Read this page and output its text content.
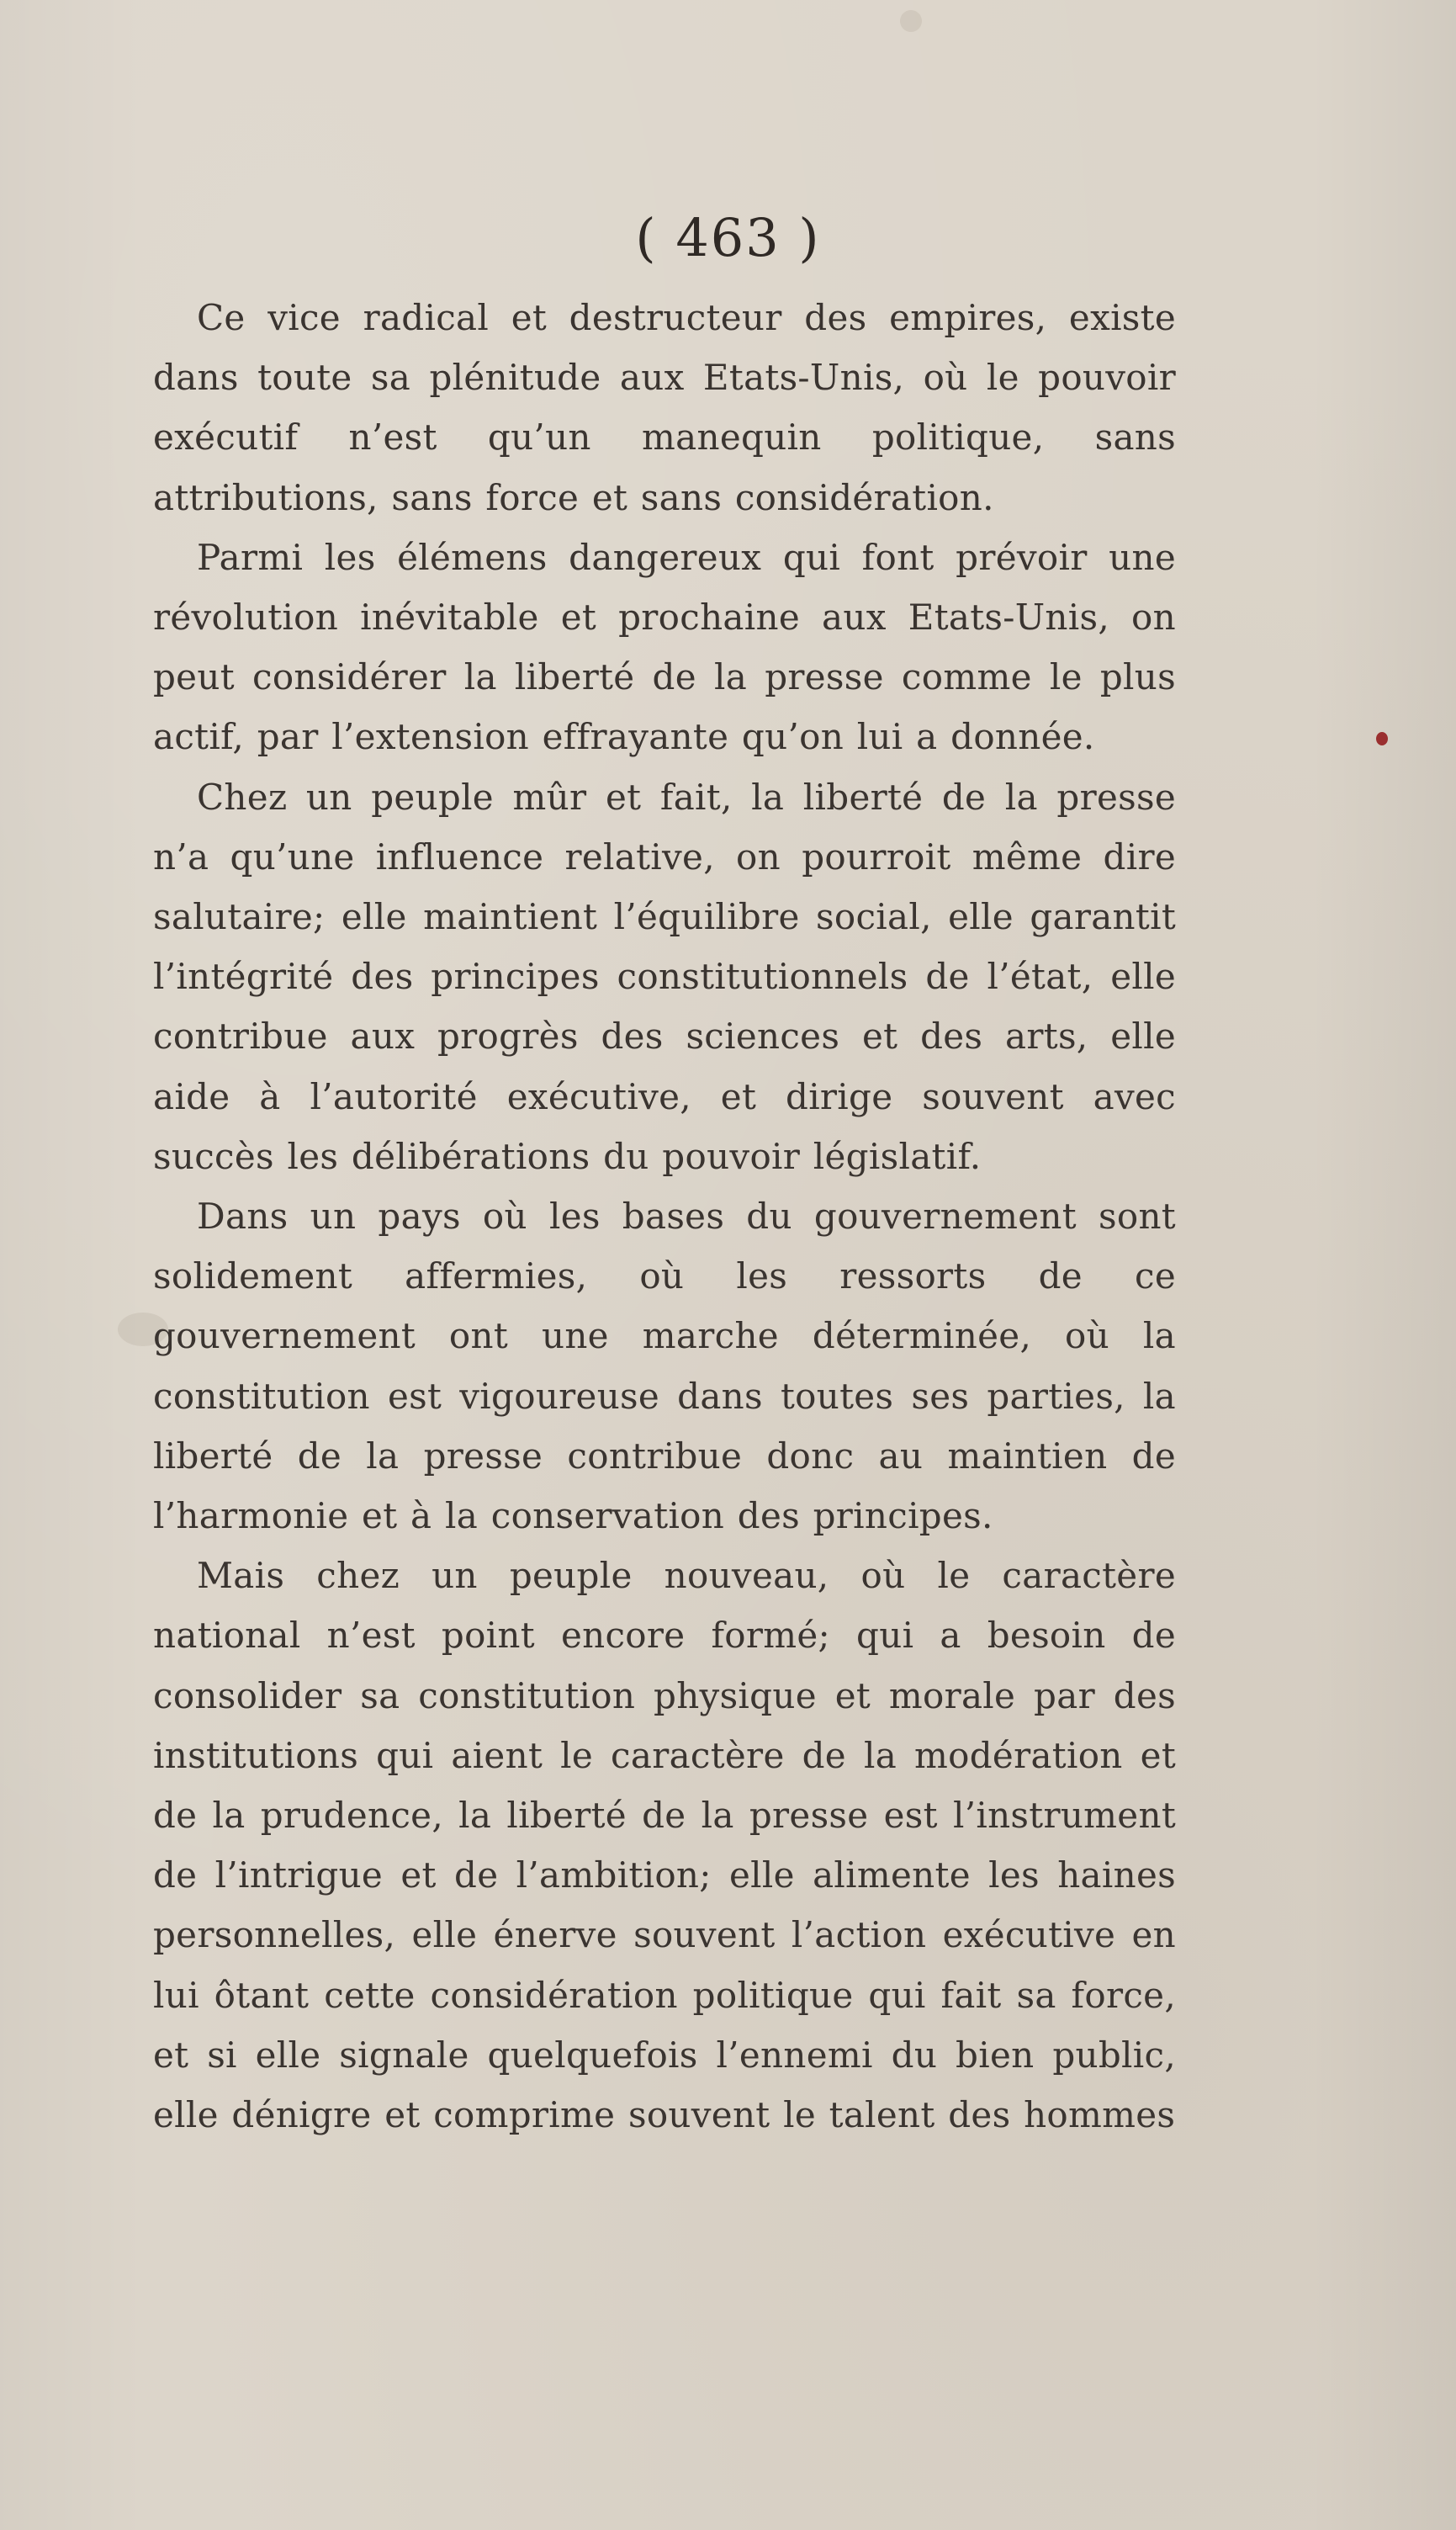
( 463 )

Ce vice radical et destructeur des empires, existe dans toute sa plénitude aux Etats-Unis, où le pouvoir exécutif n’est qu’un manequin politique, sans attributions, sans force et sans considération.

Parmi les élémens dangereux qui font prévoir une révolution inévitable et prochaine aux Etats-Unis, on peut considérer la liberté de la presse comme le plus actif, par l’extension effrayante qu’on lui a donnée.

Chez un peuple mûr et fait, la liberté de la presse n’a qu’une influence relative, on pourroit même dire salutaire; elle maintient l’équilibre social, elle garantit l’intégrité des principes constitutionnels de l’état, elle contribue aux progrès des sciences et des arts, elle aide à l’autorité exécutive, et dirige souvent avec succès les délibérations du pouvoir législatif.

Dans un pays où les bases du gouvernement sont solidement affermies, où les ressorts de ce gouvernement ont une marche déterminée, où la constitution est vigoureuse dans toutes ses parties, la liberté de la presse contribue donc au maintien de l’harmonie et à la conservation des principes.

Mais chez un peuple nouveau, où le caractère national n’est point encore formé; qui a besoin de consolider sa constitution physique et morale par des institutions qui aient le caractère de la modération et de la prudence, la liberté de la presse est l’instrument de l’intrigue et de l’ambition; elle alimente les haines personnelles, elle énerve souvent l’action exécutive en lui ôtant cette considération politique qui fait sa force, et si elle signale quelquefois l’ennemi du bien public, elle dénigre et comprime souvent le talent des hommes
